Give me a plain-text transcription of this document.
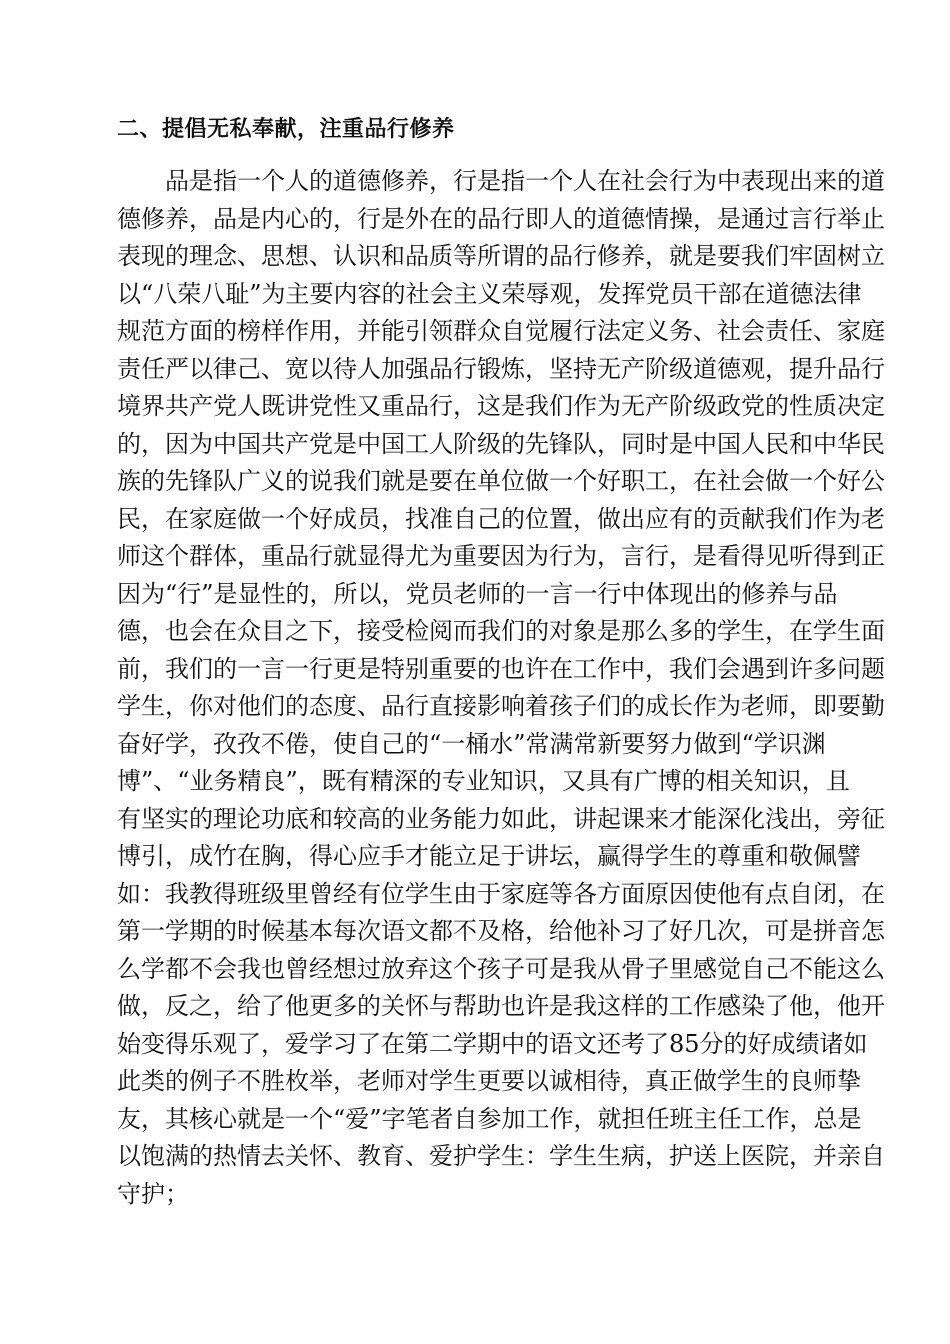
二、提倡无私奉献，注重品行修养
品是指一个人的道德修养，行是指一个人在社会行为中表现出来的道
德修养，品是内心的，行是外在的品行即人的道德情操，是通过言行举止
表现的理念、思想、认识和品质等所谓的品行修养，就是要我们牢固树立
以“八荣八耻”为主要内容的社会主义荣辱观，发挥党员干部在道德法律
规范方面的榜样作用，并能引领群众自觉履行法定义务、社会责任、家庭
责任严以律己、宽以待人加强品行锻炼，坚持无产阶级道德观，提升品行
境界共产党人既讲党性又重品行，这是我们作为无产阶级政党的性质决定
的，因为中国共产党是中国工人阶级的先锋队，同时是中国人民和中华民
族的先锋队广义的说我们就是要在单位做一个好职工，在社会做一个好公
民，在家庭做一个好成员，找准自己的位置，做出应有的贡献我们作为老
师这个群体，重品行就显得尤为重要因为行为，言行，是看得见听得到正
因为“行”是显性的，所以，党员老师的一言一行中体现出的修养与品
德，也会在众目之下，接受检阅而我们的对象是那么多的学生，在学生面
前，我们的一言一行更是特别重要的也许在工作中，我们会遇到许多问题
学生，你对他们的态度、品行直接影响着孩子们的成长作为老师，即要勤
奋好学，孜孜不倦，使自己的“一桶水”常满常新要努力做到“学识渊
博”、“业务精良”，既有精深的专业知识，又具有广博的相关知识，且
有坚实的理论功底和较高的业务能力如此，讲起课来才能深化浅出，旁征
博引，成竹在胸，得心应手才能立足于讲坛，赢得学生的尊重和敬佩譬
如：我教得班级里曾经有位学生由于家庭等各方面原因使他有点自闭，在
第一学期的时候基本每次语文都不及格，给他补习了好几次，可是拼音怎
么学都不会我也曾经想过放弃这个孩子可是我从骨子里感觉自己不能这么
做，反之，给了他更多的关怀与帮助也许是我这样的工作感染了他，他开
始变得乐观了，爱学习了在第二学期中的语文还考了85分的好成绩诸如
此类的例子不胜枚举，老师对学生更要以诚相待，真正做学生的良师挚
友，其核心就是一个“爱”字笔者自参加工作，就担任班主任工作，总是
以饱满的热情去关怀、教育、爱护学生：学生生病，护送上医院，并亲自
守护；
